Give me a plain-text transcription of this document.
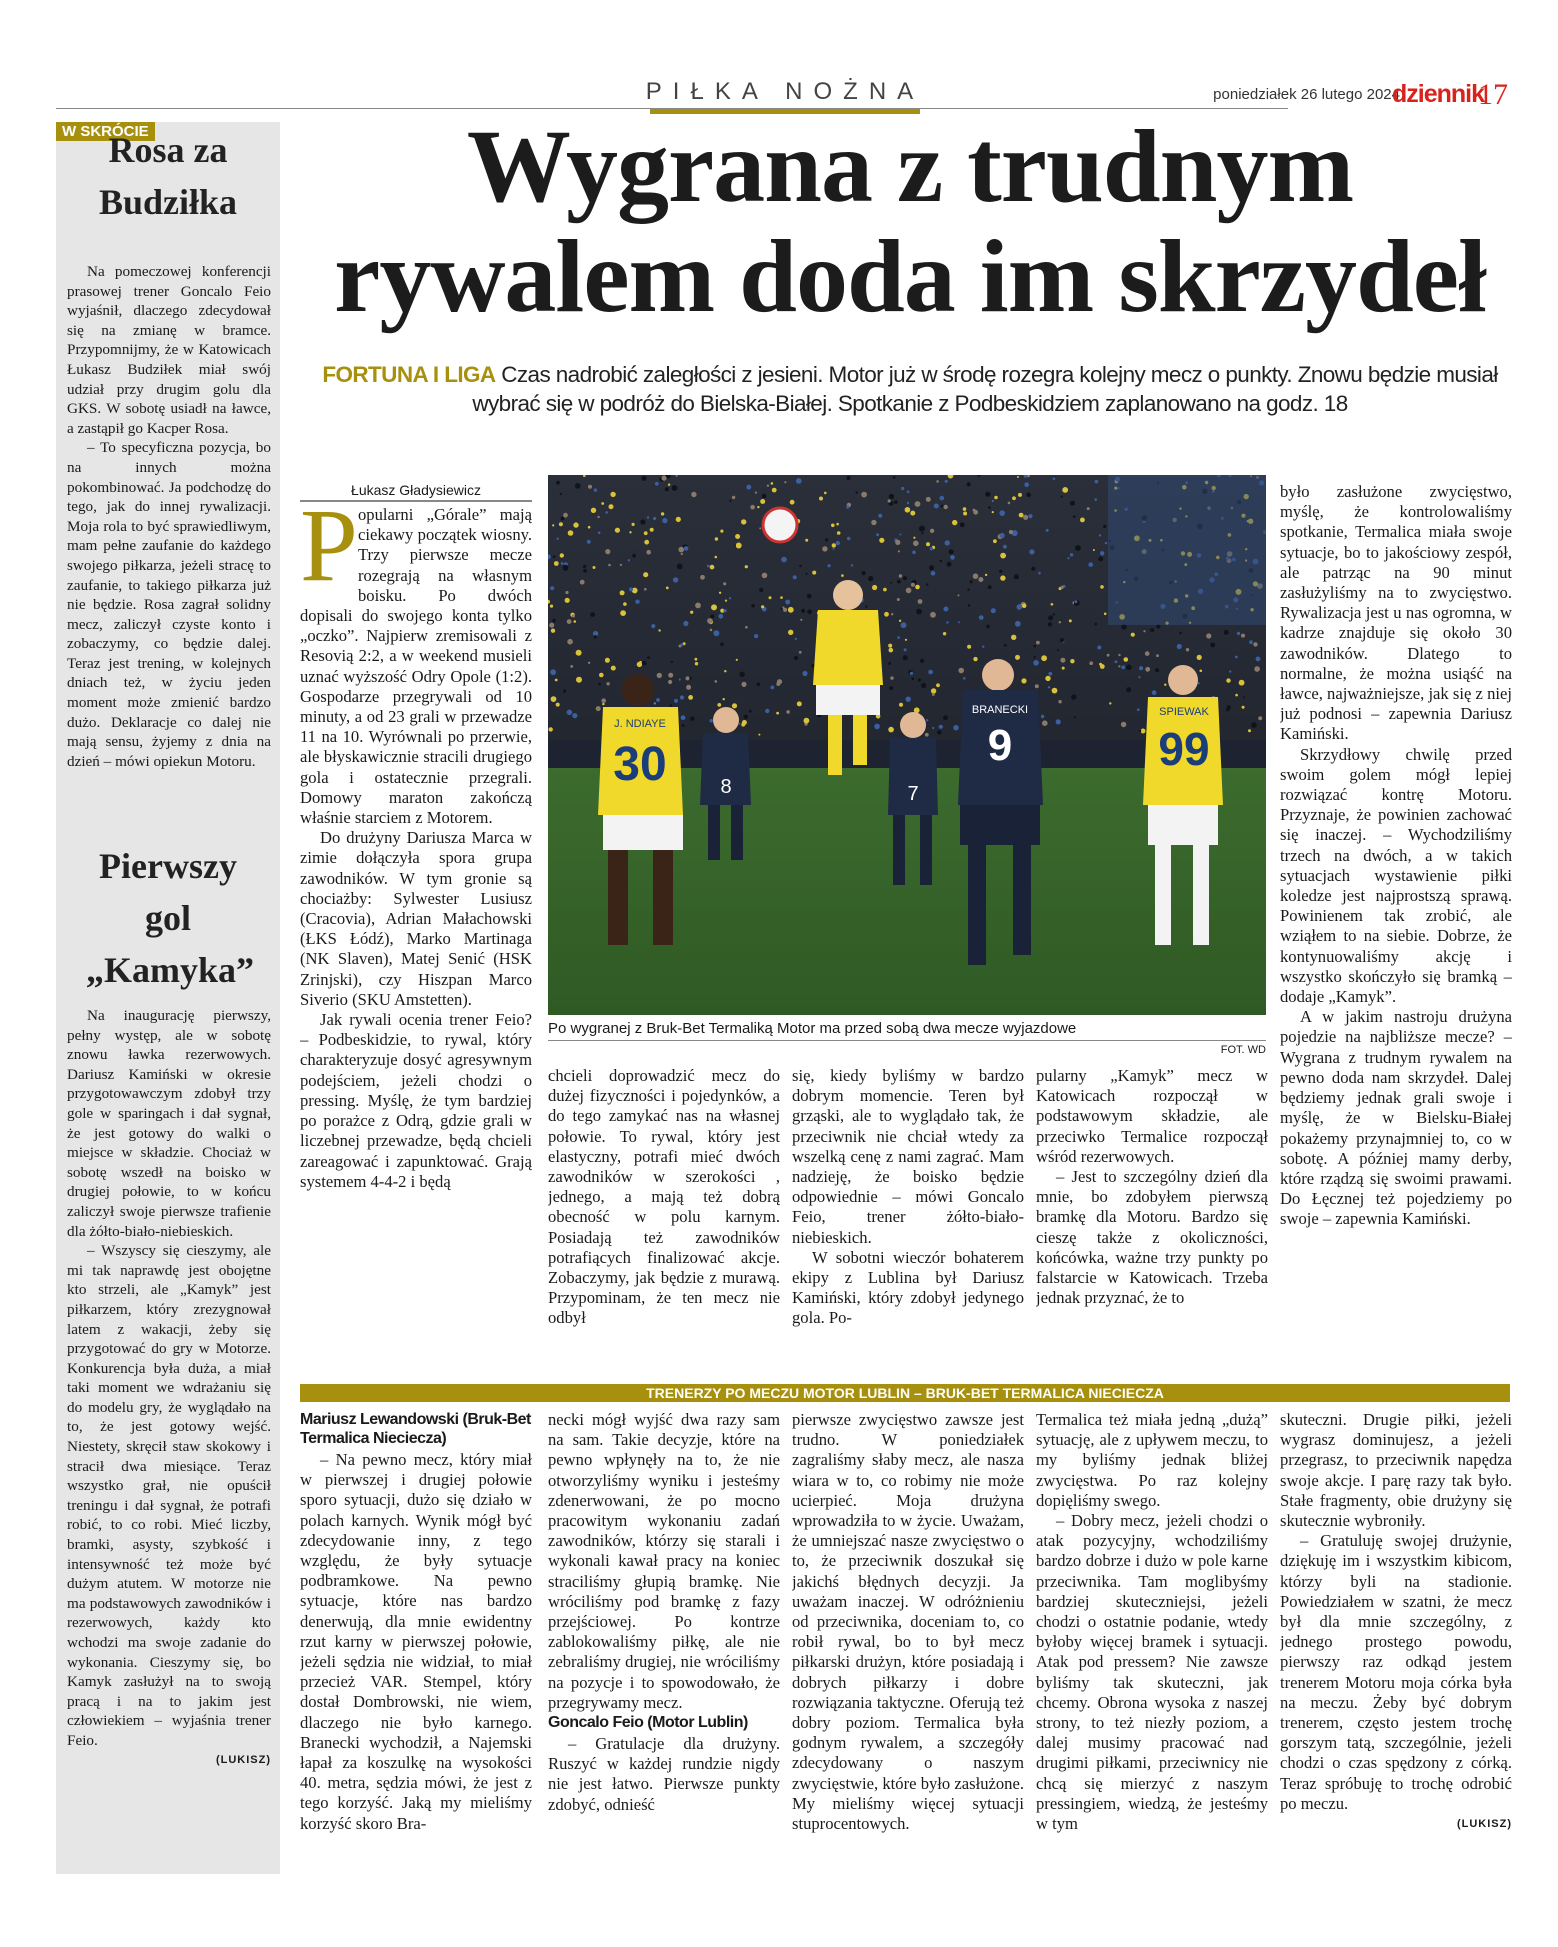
PIŁKA NOŻNA	poniedziałek 26 lutego 2024
dziennik
17
W SKRÓCIE
Rosa za Budziłka

Na pomeczowej konferencji prasowej trener Goncalo Feio wyjaśnił, dlaczego zdecydował się na zmianę w bramce. Przypomnijmy, że w Katowicach Łukasz Budziłek miał swój udział przy drugim golu dla GKS. W sobotę usiadł na ławce, a zastąpił go Kacper Rosa.

– To specyficzna pozycja, bo na innych można pokombinować. Ja podchodzę do tego, jak do innej rywalizacji. Moja rola to być sprawiedliwym, mam pełne zaufanie do każdego swojego piłkarza, jeżeli stracę to zaufanie, to takiego piłkarza już nie będzie. Rosa zagrał solidny mecz, zaliczył czyste konto i zobaczymy, co będzie dalej. Teraz jest trening, w kolejnych dniach też, w życiu jeden moment może zmienić bardzo dużo. Deklaracje co dalej nie mają sensu, żyjemy z dnia na dzień – mówi opiekun Motoru.

Pierwszy gol „Kamyka”

Na inaugurację pierwszy, pełny występ, ale w sobotę znowu ławka rezerwowych. Dariusz Kamiński w okresie przygotowawczym zdobył trzy gole w sparingach i dał sygnał, że jest gotowy do walki o miejsce w składzie. Chociaż w sobotę wszedł na boisko w drugiej połowie, to w końcu zaliczył swoje pierwsze trafienie dla żółto-biało-niebieskich.

– Wszyscy się cieszymy, ale mi tak naprawdę jest obojętne kto strzeli, ale „Kamyk” jest piłkarzem, który zrezygnował latem z wakacji, żeby się przygotować do gry w Motorze. Konkurencja była duża, a miał taki moment we wdrażaniu się do modelu gry, że wyglądało na to, że jest gotowy wejść. Niestety, skręcił staw skokowy i stracił dwa miesiące. Teraz wszystko grał, nie opuścił treningu i dał sygnał, że potrafi robić, to co robi. Mieć liczby, bramki, asysty, szybkość i intensywność też może być dużym atutem. W motorze nie ma podstawowych zawodników i rezerwowych, każdy kto wchodzi ma swoje zadanie do wykonania. Cieszymy się, bo Kamyk zasłużył na to swoją pracą i na to jakim jest człowiekiem – wyjaśnia trener Feio.

(LUKISZ)
Wygrana z trudnym
rywalem doda im skrzydeł
FORTUNA I LIGA Czas nadrobić zaległości z jesieni. Motor już w środę rozegra kolejny mecz o punkty. Znowu będzie musiał wybrać się w podróż do Bielska-Białej. Spotkanie z Podbeskidziem zaplanowano na godz. 18
Łukasz Gładysiewicz
P
J. NDIAYE
30
BRANECKI
9
SPIEWAK
99
8	7
Po wygranej z Bruk-Bet Termaliką Motor ma przed sobą dwa mecze wyjazdowe
FOT. WD

opularni „Górale” mają ciekawy początek wiosny. Trzy pierwsze mecze rozegrają na własnym boisku. Po dwóch dopisali do swojego konta tylko „oczko”. Najpierw zremisowali z Resovią 2:2, a w weekend musieli uznać wyższość Odry Opole (1:2). Gospodarze przegrywali od 10 minuty, a od 23 grali w przewadze 11 na 10. Wyrównali po przerwie, ale błyskawicznie stracili drugiego gola i ostatecznie przegrali. Domowy maraton zakończą właśnie starciem z Motorem.

Do drużyny Dariusza Marca w zimie dołączyła spora grupa zawodników. W tym gronie są chociażby: Sylwester Lusiusz (Cracovia), Adrian Małachowski (ŁKS Łódź), Marko Martinaga (NK Slaven), Matej Senić (HSK Zrinjski), czy Hiszpan Marco Siverio (SKU Amstetten).

Jak rywali ocenia trener Feio? – Podbeskidzie, to rywal, który charakteryzuje dosyć agresywnym podejściem, jeżeli chodzi o pressing. Myślę, że tym bardziej po porażce z Odrą, gdzie grali w liczebnej przewadze, będą chcieli zareagować i zapunktować. Grają systemem 4-4-2 i będą

chcieli doprowadzić mecz do dużej fizyczności i pojedynków, a do tego zamykać nas na własnej połowie. To rywal, który jest elastyczny, potrafi mieć dwóch zawodników w szerokości , jednego, a mają też dobrą obecność w polu karnym. Posiadają też zawodników potrafiących finalizować akcje. Zobaczymy, jak będzie z murawą. Przypominam, że ten mecz nie odbył

się, kiedy byliśmy w bardzo dobrym momencie. Teren był grząski, ale to wyglądało tak, że przeciwnik nie chciał wtedy za wszelką cenę z nami zagrać. Mam nadzieję, że boisko będzie odpowiednie – mówi Goncalo Feio, trener żółto-biało-niebieskich.

W sobotni wieczór bohaterem ekipy z Lublina był Dariusz Kamiński, który zdobył jedynego gola. Po-

pularny „Kamyk” mecz w Katowicach rozpoczął w podstawowym składzie, ale przeciwko Termalice rozpoczął wśród rezerwowych.

– Jest to szczególny dzień dla mnie, bo zdobyłem pierwszą bramkę dla Motoru. Bardzo się cieszę także z okoliczności, końcówka, ważne trzy punkty po falstarcie w Katowicach. Trzeba jednak przyznać, że to

było zasłużone zwycięstwo, myślę, że kontrolowaliśmy spotkanie, Termalica miała swoje sytuacje, bo to jakościowy zespół, ale patrząc na 90 minut zasłużyliśmy na to zwycięstwo. Rywalizacja jest u nas ogromna, w kadrze znajduje się około 30 zawodników. Dlatego to normalne, że można usiąść na ławce, najważniejsze, jak się z niej już podnosi – zapewnia Dariusz Kamiński.

Skrzydłowy chwilę przed swoim golem mógł lepiej rozwiązać kontrę Motoru. Przyznaje, że powinien zachować się inaczej. – Wychodziliśmy trzech na dwóch, a w takich sytuacjach wystawienie piłki koledze jest najprostszą sprawą. Powinienem tak zrobić, ale wziąłem to na siebie. Dobrze, że kontynuowaliśmy akcję i wszystko skończyło się bramką – dodaje „Kamyk”.

A w jakim nastroju drużyna pojedzie na najbliższe mecze? – Wygrana z trudnym rywalem na pewno doda nam skrzydeł. Dalej będziemy jednak grali swoje i myślę, że w Bielsku-Białej pokażemy przynajmniej to, co w sobotę. A później mamy derby, które rządzą się swoimi prawami. Do Łęcznej też pojedziemy po swoje – zapewnia Kamiński.

TRENERZY PO MECZU MOTOR LUBLIN – BRUK-BET TERMALICA NIECIECZA
Mariusz Lewandowski (Bruk-Bet Termalica Nieciecza)

– Na pewno mecz, który miał w pierwszej i drugiej połowie sporo sytuacji, dużo się działo w polach karnych. Wynik mógł być zdecydowanie inny, z tego względu, że były sytuacje podbramkowe. Na pewno sytuacje, które nas bardzo denerwują, dla mnie ewidentny rzut karny w pierwszej połowie, jeżeli sędzia nie widział, to miał przecież VAR. Stempel, który dostał Dombrowski, nie wiem, dlaczego nie było karnego. Branecki wychodził, a Najemski łapał za koszulkę na wysokości 40. metra, sędzia mówi, że jest z tego korzyść. Jaką my mieliśmy korzyść skoro Bra-

necki mógł wyjść dwa razy sam na sam. Takie decyzje, które na pewno wpłynęły na to, że nie otworzyliśmy wyniku i jesteśmy zdenerwowani, że po mocno pracowitym wykonaniu zadań zawodników, którzy się starali i wykonali kawał pracy na koniec straciliśmy głupią bramkę. Nie wróciliśmy pod bramkę z fazy przejściowej. Po kontrze zablokowaliśmy piłkę, ale nie zebraliśmy drugiej, nie wróciliśmy na pozycje i to spowodowało, że przegrywamy mecz.

Goncalo Feio (Motor Lublin)

– Gratulacje dla drużyny. Ruszyć w każdej rundzie nigdy nie jest łatwo. Pierwsze punkty zdobyć, odnieść

pierwsze zwycięstwo zawsze jest trudno. W poniedziałek zagraliśmy słaby mecz, ale nasza wiara w to, co robimy nie może ucierpieć. Moja drużyna wprowadziła to w życie. Uważam, że umniejszać nasze zwycięstwo o to, że przeciwnik doszukał się jakichś błędnych decyzji. Ja uważam inaczej. W odróżnieniu od przeciwnika, doceniam to, co robił rywal, bo to był mecz piłkarski drużyn, które posiadają i dobrych piłkarzy i dobre rozwiązania taktyczne. Oferują też dobry poziom. Termalica była godnym rywalem, a szczegóły zdecydowany o naszym zwycięstwie, które było zasłużone. My mieliśmy więcej sytuacji stuprocentowych.

Termalica też miała jedną „dużą” sytuację, ale z upływem meczu, to my byliśmy jednak bliżej zwycięstwa. Po raz kolejny dopięliśmy swego.

– Dobry mecz, jeżeli chodzi o atak pozycyjny, wchodziliśmy bardzo dobrze i dużo w pole karne przeciwnika. Tam moglibyśmy bardziej skuteczniejsi, jeżeli chodzi o ostatnie podanie, wtedy byłoby więcej bramek i sytuacji. Atak pod pressem? Nie zawsze byliśmy tak skuteczni, jak chcemy. Obrona wysoka z naszej strony, to też niezły poziom, a dalej musimy pracować nad drugimi piłkami, przeciwnicy nie chcą się mierzyć z naszym pressingiem, wiedzą, że jesteśmy w tym

skuteczni. Drugie piłki, jeżeli wygrasz dominujesz, a jeżeli przegrasz, to przeciwnik napędza swoje akcje. I parę razy tak było. Stałe fragmenty, obie drużyny się skutecznie wybroniły.

– Gratuluję swojej drużynie, dziękuję im i wszystkim kibicom, którzy byli na stadionie. Powiedziałem w szatni, że mecz był dla mnie szczególny, z jednego prostego powodu, pierwszy raz odkąd jestem trenerem Motoru moja córka była na meczu. Żeby być dobrym trenerem, często jestem trochę gorszym tatą, szczególnie, jeżeli chodzi o czas spędzony z córką. Teraz spróbuję to trochę odrobić po meczu.

(LUKISZ)
